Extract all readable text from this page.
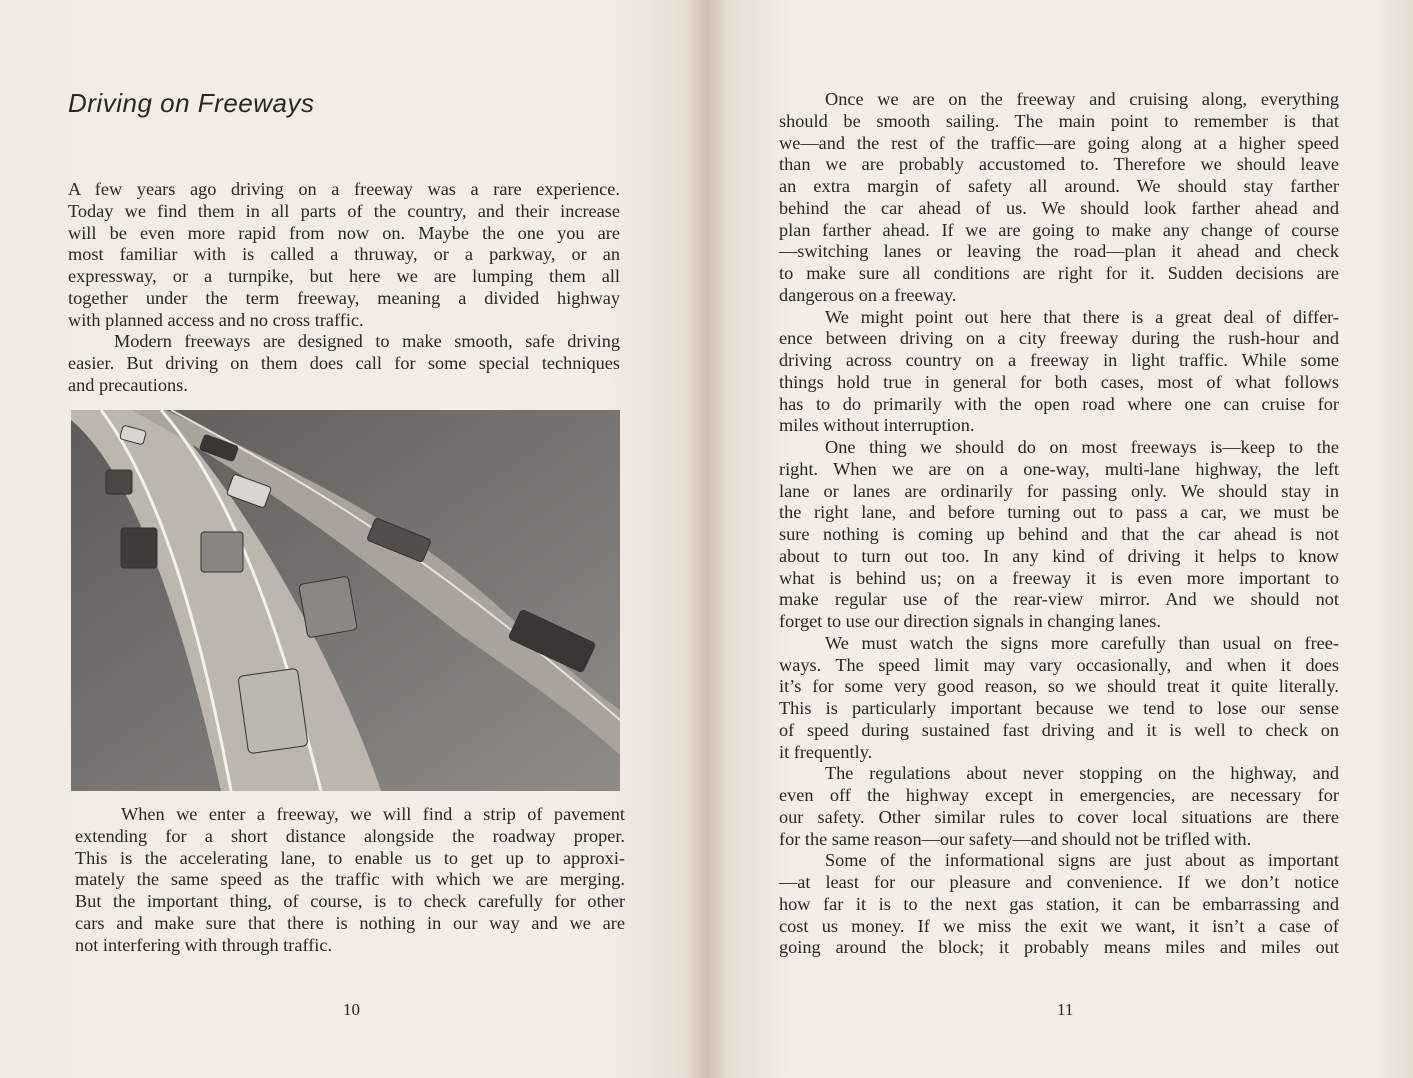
Driving on Freeways
A few years ago driving on a freeway was a rare experience.
Today we find them in all parts of the country, and their increase
will be even more rapid from now on. Maybe the one you are
most familiar with is called a thruway, or a parkway, or an
expressway, or a turnpike, but here we are lumping them all
together under the term freeway, meaning a divided highway
with planned access and no cross traffic.
Modern freeways are designed to make smooth, safe driving
easier. But driving on them does call for some special techniques
and precautions.
When we enter a freeway, we will find a strip of pavement
extending for a short distance alongside the roadway proper.
This is the accelerating lane, to enable us to get up to approxi-
mately the same speed as the traffic with which we are merging.
But the important thing, of course, is to check carefully for other
cars and make sure that there is nothing in our way and we are
not interfering with through traffic.
10
Once we are on the freeway and cruising along, everything
should be smooth sailing. The main point to remember is that
we—and the rest of the traffic—are going along at a higher speed
than we are probably accustomed to. Therefore we should leave
an extra margin of safety all around. We should stay farther
behind the car ahead of us. We should look farther ahead and
plan farther ahead. If we are going to make any change of course
—switching lanes or leaving the road—plan it ahead and check
to make sure all conditions are right for it. Sudden decisions are
dangerous on a freeway.
We might point out here that there is a great deal of differ-
ence between driving on a city freeway during the rush-hour and
driving across country on a freeway in light traffic. While some
things hold true in general for both cases, most of what follows
has to do primarily with the open road where one can cruise for
miles without interruption.
One thing we should do on most freeways is—keep to the
right. When we are on a one-way, multi-lane highway, the left
lane or lanes are ordinarily for passing only. We should stay in
the right lane, and before turning out to pass a car, we must be
sure nothing is coming up behind and that the car ahead is not
about to turn out too. In any kind of driving it helps to know
what is behind us; on a freeway it is even more important to
make regular use of the rear-view mirror. And we should not
forget to use our direction signals in changing lanes.
We must watch the signs more carefully than usual on free-
ways. The speed limit may vary occasionally, and when it does
it’s for some very good reason, so we should treat it quite literally.
This is particularly important because we tend to lose our sense
of speed during sustained fast driving and it is well to check on
it frequently.
The regulations about never stopping on the highway, and
even off the highway except in emergencies, are necessary for
our safety. Other similar rules to cover local situations are there
for the same reason—our safety—and should not be trifled with.
Some of the informational signs are just about as important
—at least for our pleasure and convenience. If we don’t notice
how far it is to the next gas station, it can be embarrassing and
cost us money. If we miss the exit we want, it isn’t a case of
going around the block; it probably means miles and miles out
11
